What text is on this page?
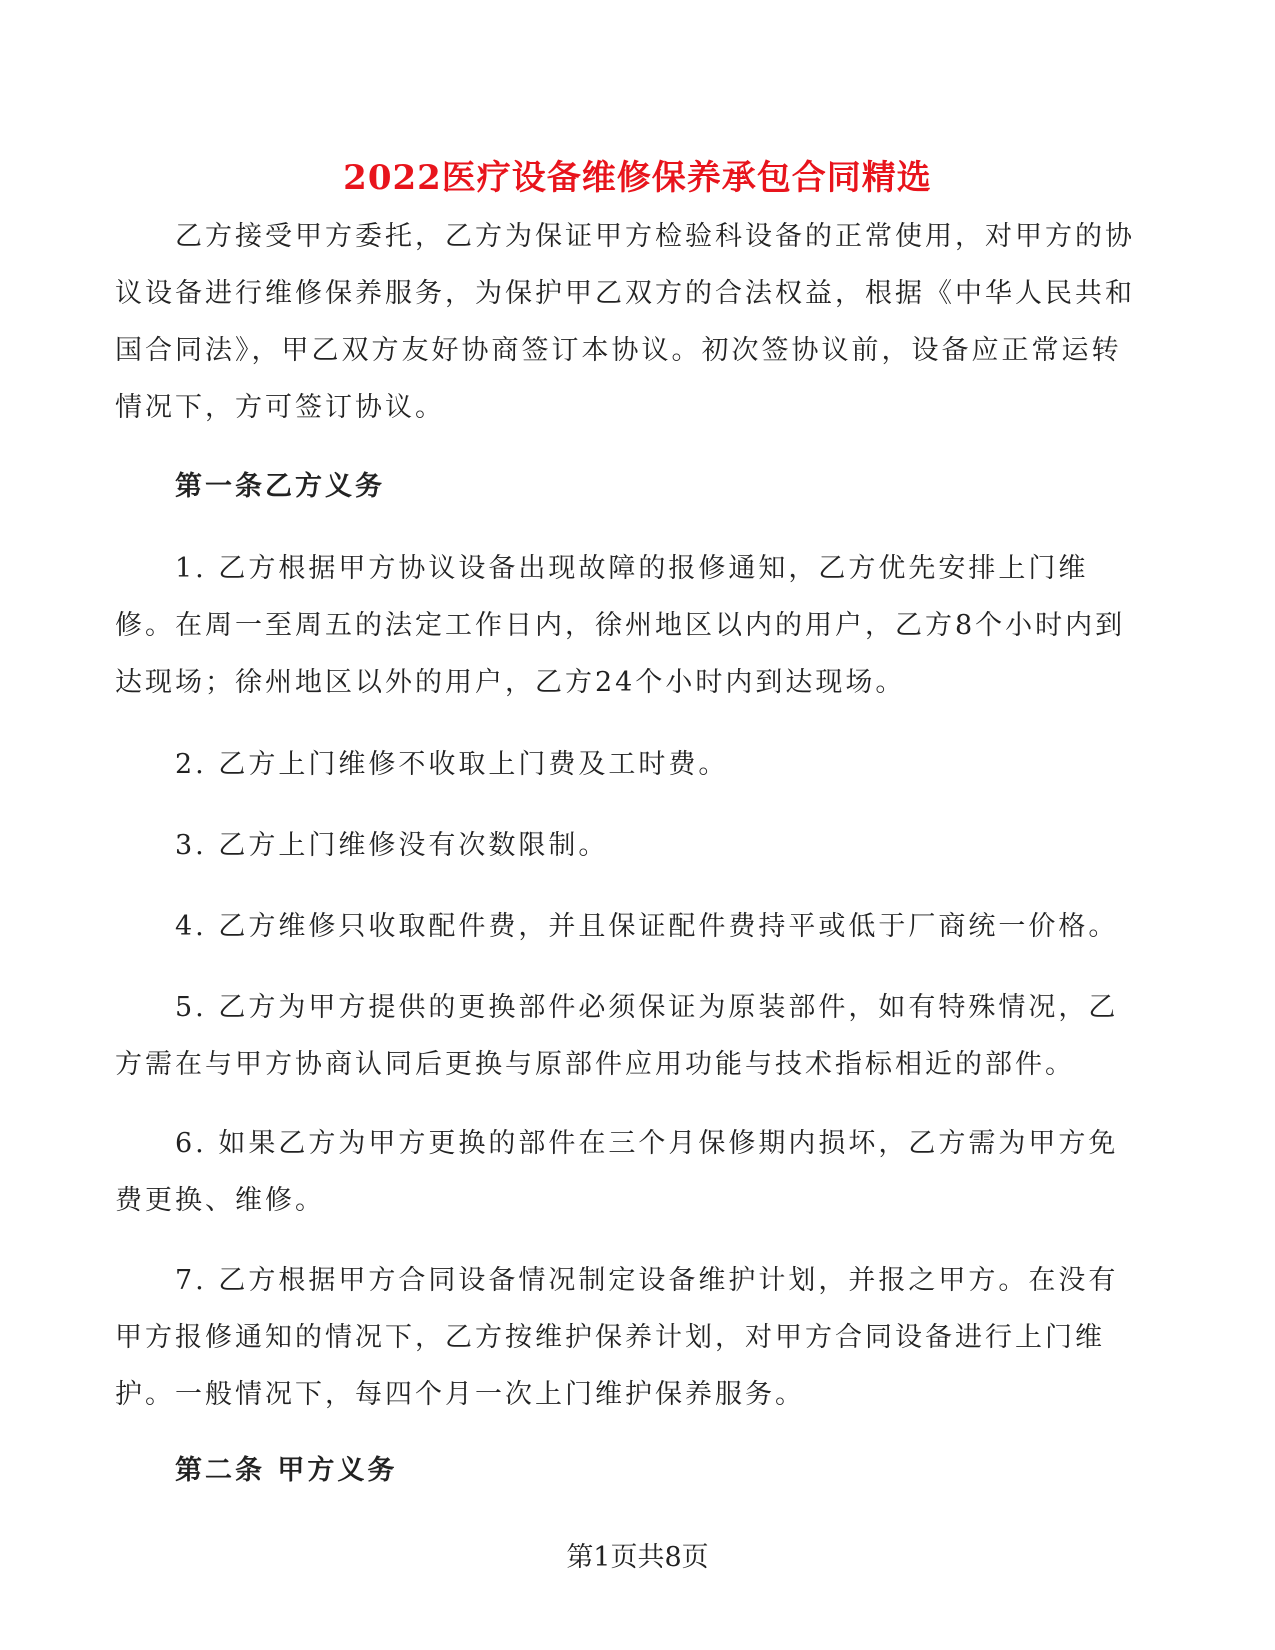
2022医疗设备维修保养承包合同精选

乙方接受甲方委托，乙方为保证甲方检验科设备的正常使用，对甲方的协议设备进行维修保养服务，为保护甲乙双方的合法权益，根据《中华人民共和国合同法》，甲乙双方友好协商签订本协议。初次签协议前，设备应正常运转情况下，方可签订协议。

第一条乙方义务

1. 乙方根据甲方协议设备出现故障的报修通知，乙方优先安排上门维修。在周一至周五的法定工作日内，徐州地区以内的用户，乙方8个小时内到达现场；徐州地区以外的用户，乙方24个小时内到达现场。

2. 乙方上门维修不收取上门费及工时费。

3. 乙方上门维修没有次数限制。

4. 乙方维修只收取配件费，并且保证配件费持平或低于厂商统一价格。

5. 乙方为甲方提供的更换部件必须保证为原装部件，如有特殊情况，乙方需在与甲方协商认同后更换与原部件应用功能与技术指标相近的部件。

6. 如果乙方为甲方更换的部件在三个月保修期内损坏，乙方需为甲方免费更换、维修。

7. 乙方根据甲方合同设备情况制定设备维护计划，并报之甲方。在没有甲方报修通知的情况下，乙方按维护保养计划，对甲方合同设备进行上门维护。一般情况下，每四个月一次上门维护保养服务。

第二条 甲方义务

第1页共8页
